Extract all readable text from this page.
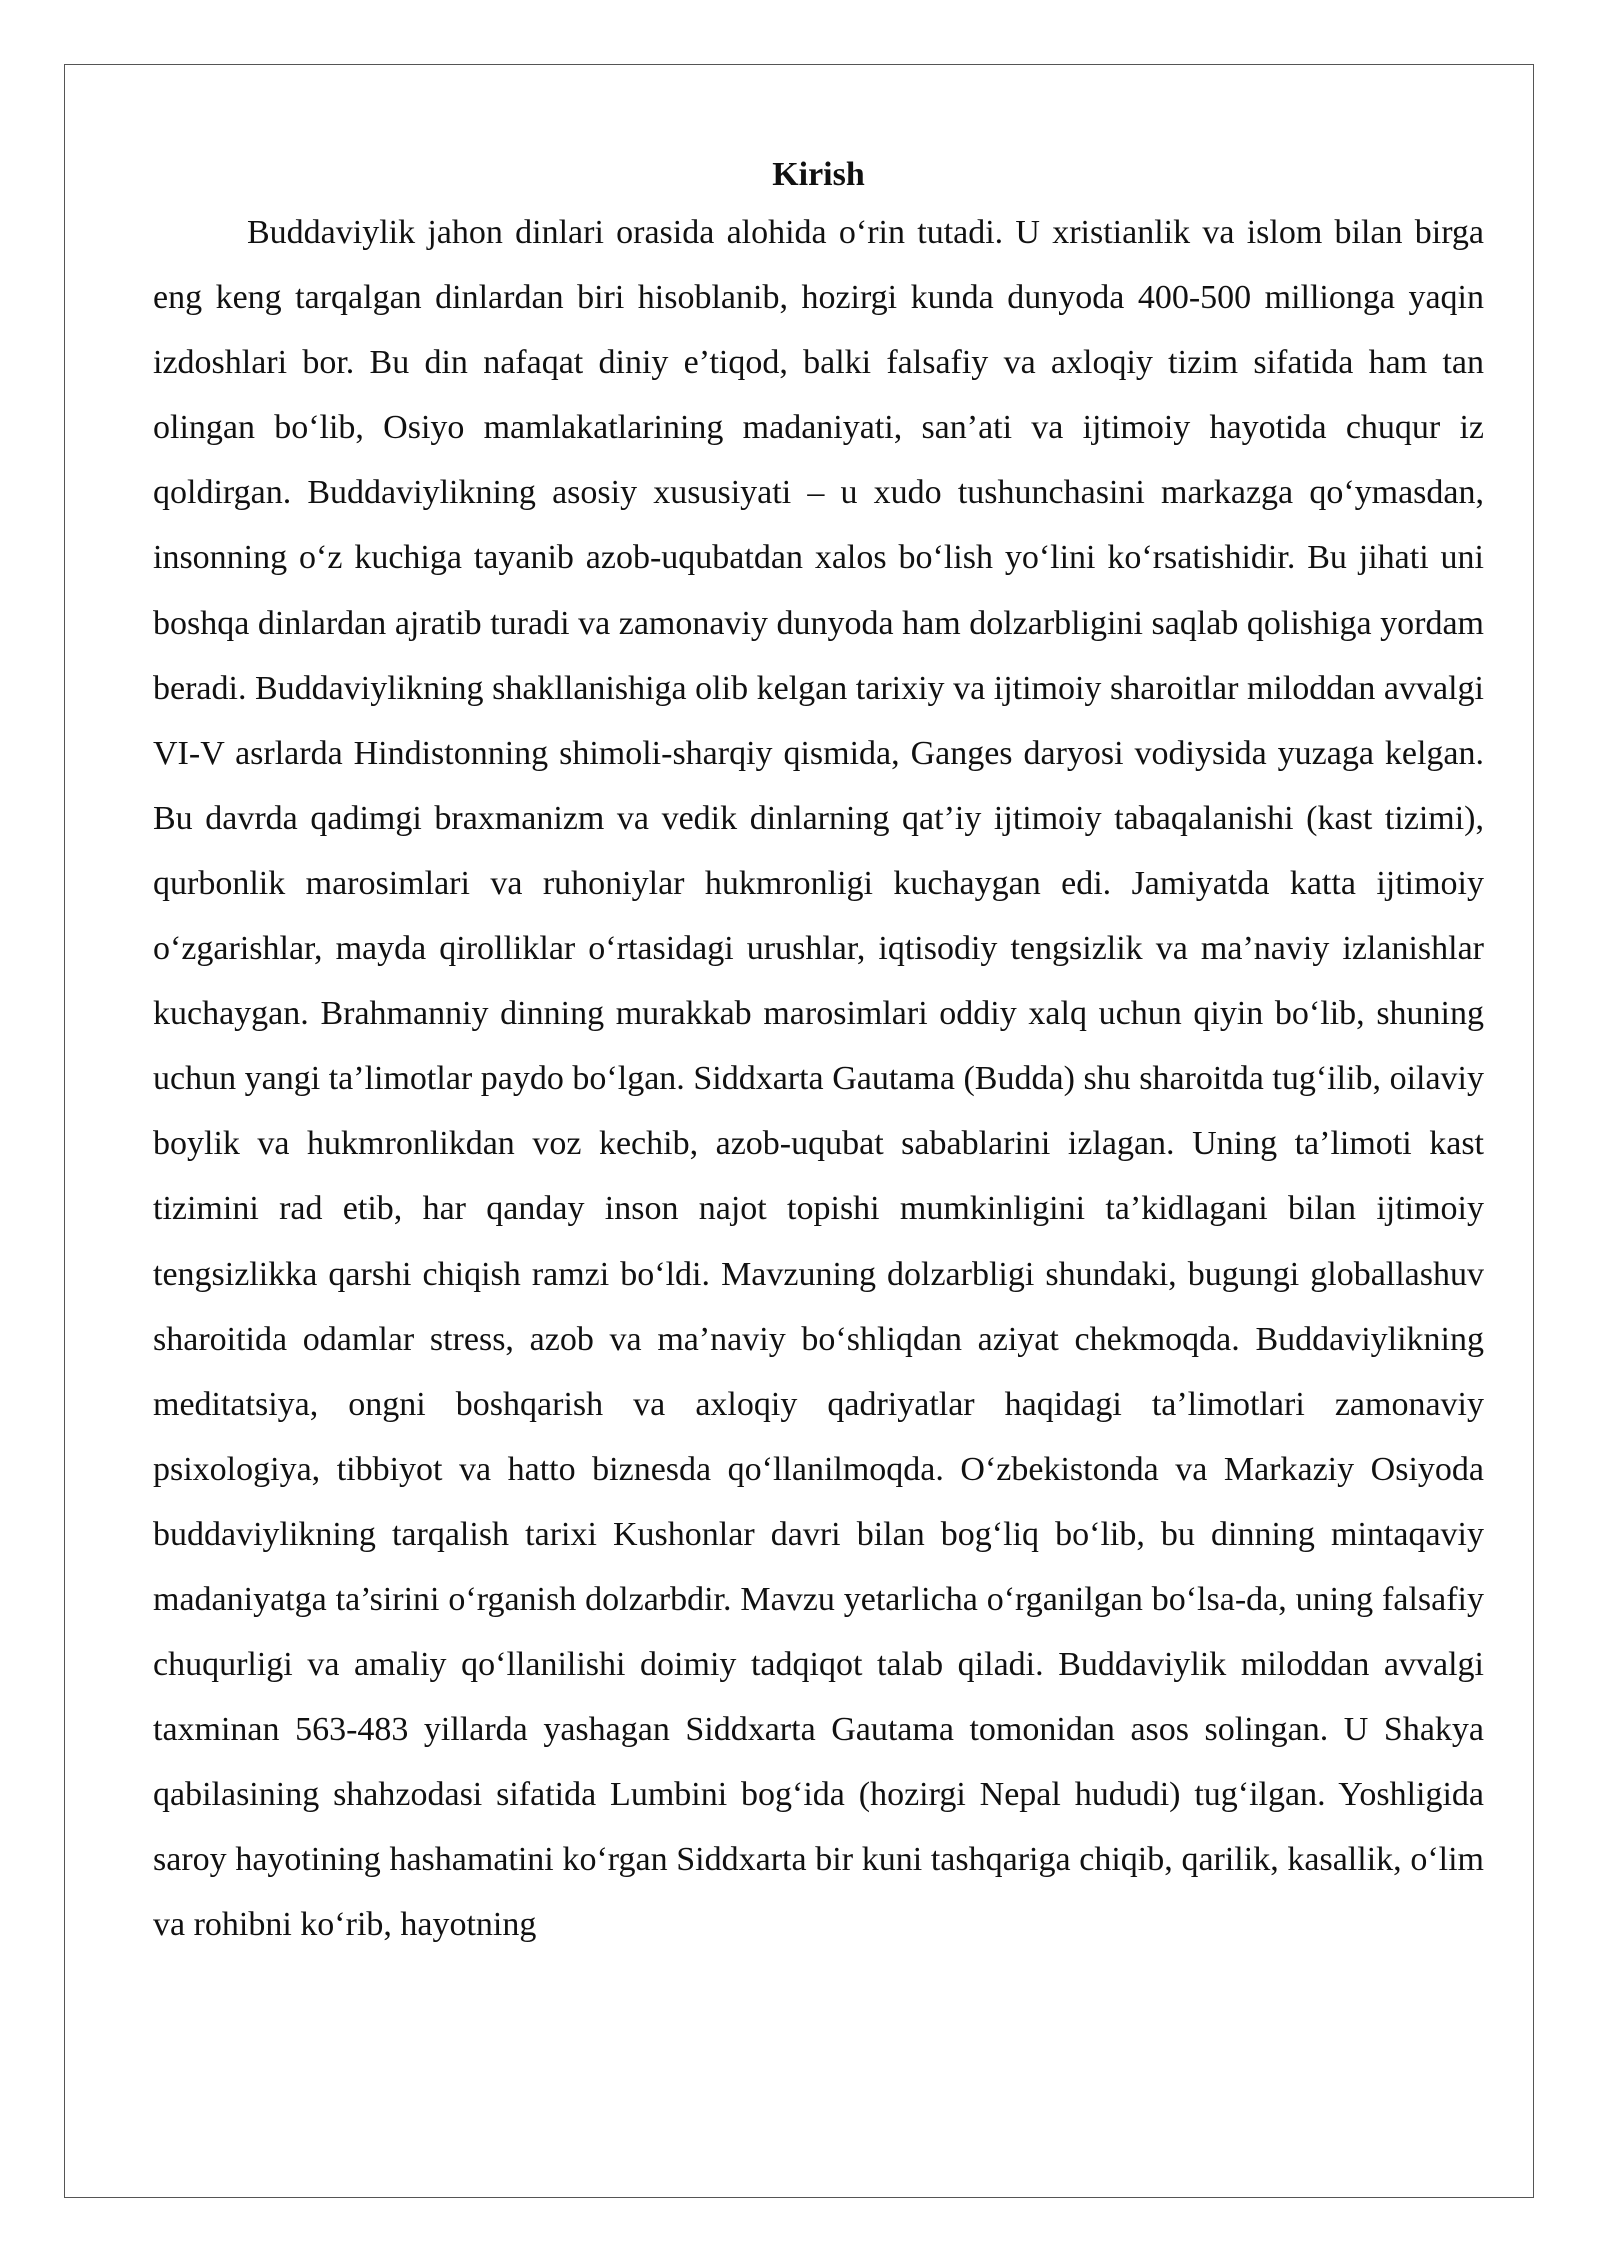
Kirish

Buddaviylik jahon dinlari orasida alohida o‘rin tutadi. U xristianlik va islom bilan birga eng keng tarqalgan dinlardan biri hisoblanib, hozirgi kunda dunyoda 400-500 millionga yaqin izdoshlari bor. Bu din nafaqat diniy e’tiqod, balki falsafiy va axloqiy tizim sifatida ham tan olingan bo‘lib, Osiyo mamlakatlarining madaniyati, san’ati va ijtimoiy hayotida chuqur iz qoldirgan. Buddaviylikning asosiy xususiyati – u xudo tushunchasini markazga qo‘ymasdan, insonning o‘z kuchiga tayanib azob-uqubatdan xalos bo‘lish yo‘lini ko‘rsatishidir. Bu jihati uni boshqa dinlardan ajratib turadi va zamonaviy dunyoda ham dolzarbligini saqlab qolishiga yordam beradi. Buddaviylikning shakllanishiga olib kelgan tarixiy va ijtimoiy sharoitlar miloddan avvalgi VI-V asrlarda Hindistonning shimoli-sharqiy qismida, Ganges daryosi vodiysida yuzaga kelgan. Bu davrda qadimgi braxmanizm va vedik dinlarning qat’iy ijtimoiy tabaqalanishi (kast tizimi), qurbonlik marosimlari va ruhoniylar hukmronligi kuchaygan edi. Jamiyatda katta ijtimoiy o‘zgarishlar, mayda qirolliklar o‘rtasidagi urushlar, iqtisodiy tengsizlik va ma’naviy izlanishlar kuchaygan. Brahmanniy dinning murakkab marosimlari oddiy xalq uchun qiyin bo‘lib, shuning uchun yangi ta’limotlar paydo bo‘lgan. Siddxarta Gautama (Budda) shu sharoitda tug‘ilib, oilaviy boylik va hukmronlikdan voz kechib, azob-uqubat sabablarini izlagan. Uning ta’limoti kast tizimini rad etib, har qanday inson najot topishi mumkinligini ta’kidlagani bilan ijtimoiy tengsizlikka qarshi chiqish ramzi bo‘ldi. Mavzuning dolzarbligi shundaki, bugungi globallashuv sharoitida odamlar stress, azob va ma’naviy bo‘shliqdan aziyat chekmoqda. Buddaviylikning meditatsiya, ongni boshqarish va axloqiy qadriyatlar haqidagi ta’limotlari zamonaviy psixologiya, tibbiyot va hatto biznesda qo‘llanilmoqda. O‘zbekistonda va Markaziy Osiyoda buddaviylikning tarqalish tarixi Kushonlar davri bilan bog‘liq bo‘lib, bu dinning mintaqaviy madaniyatga ta’sirini o‘rganish dolzarbdir. Mavzu yetarlicha o‘rganilgan bo‘lsa-da, uning falsafiy chuqurligi va amaliy qo‘llanilishi doimiy tadqiqot talab qiladi. Buddaviylik miloddan avvalgi taxminan 563-483 yillarda yashagan Siddxarta Gautama tomonidan asos solingan. U Shakya qabilasining shahzodasi sifatida Lumbini bog‘ida (hozirgi Nepal hududi) tug‘ilgan. Yoshligida saroy hayotining hashamatini ko‘rgan Siddxarta bir kuni tashqariga chiqib, qarilik, kasallik, o‘lim va rohibni ko‘rib, hayotning
